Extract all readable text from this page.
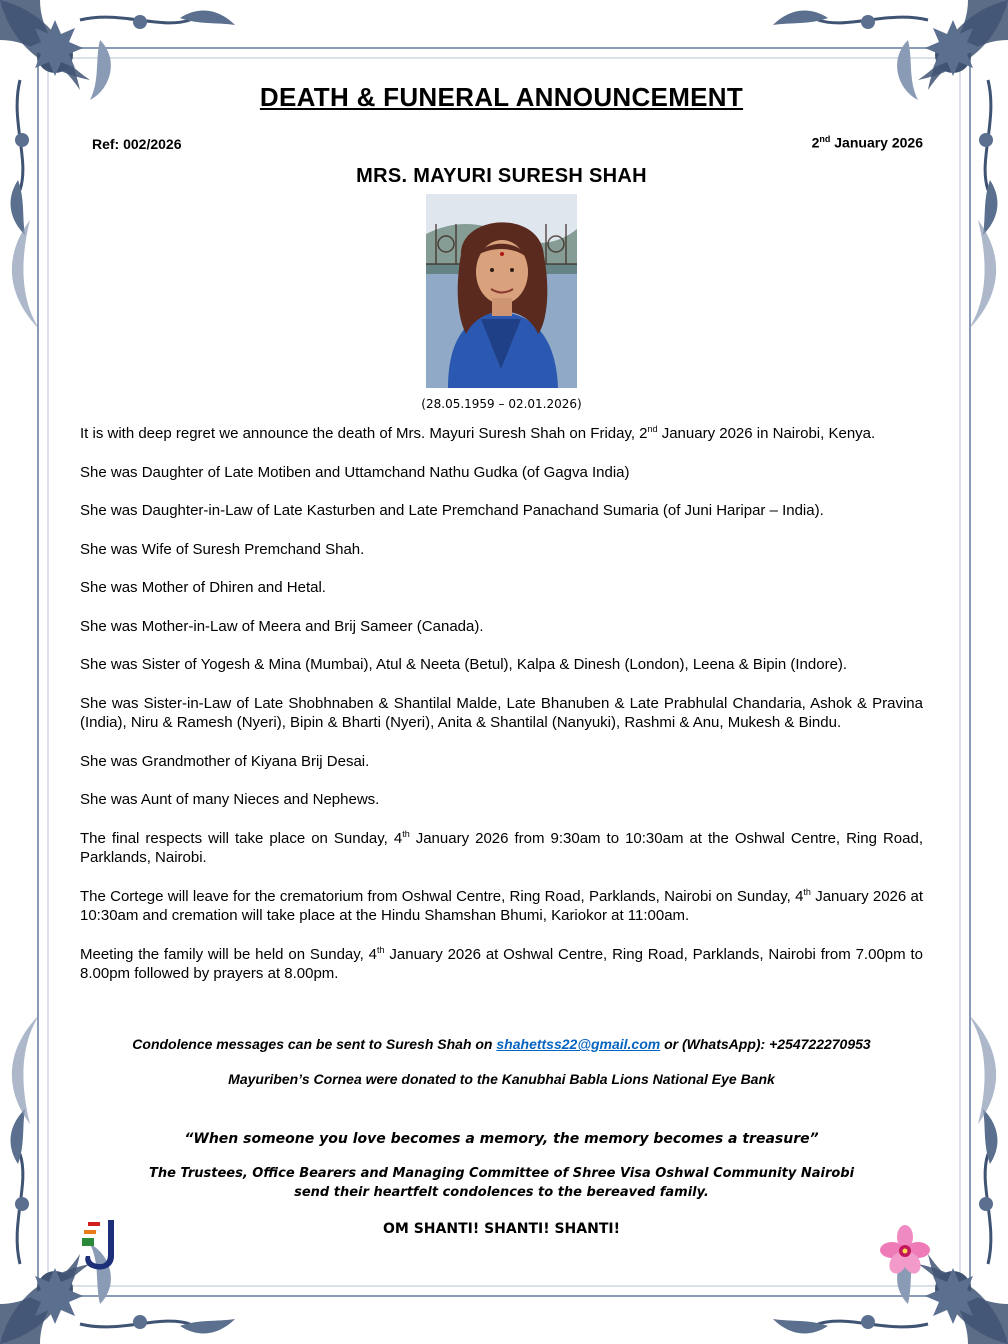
DEATH & FUNERAL ANNOUNCEMENT
Ref: 002/2026	2nd January 2026
MRS. MAYURI SURESH SHAH
(28.05.1959 – 02.01.2026)

It is with deep regret we announce the death of Mrs. Mayuri Suresh Shah on Friday, 2nd January 2026 in Nairobi, Kenya.

She was Daughter of Late Motiben and Uttamchand Nathu Gudka (of Gagva India)

She was Daughter-in-Law of Late Kasturben and Late Premchand Panachand Sumaria (of Juni Haripar – India).

She was Wife of Suresh Premchand Shah.

She was Mother of Dhiren and Hetal.

She was Mother-in-Law of Meera and Brij Sameer (Canada).

She was Sister of Yogesh & Mina (Mumbai), Atul & Neeta (Betul), Kalpa & Dinesh (London), Leena & Bipin (Indore).

She was Sister-in-Law of Late Shobhnaben & Shantilal Malde, Late Bhanuben & Late Prabhulal Chandaria, Ashok & Pravina (India), Niru & Ramesh (Nyeri), Bipin & Bharti (Nyeri), Anita & Shantilal (Nanyuki), Rashmi & Anu, Mukesh & Bindu.

She was Grandmother of Kiyana Brij Desai.

She was Aunt of many Nieces and Nephews.

The final respects will take place on Sunday, 4th January 2026 from 9:30am to 10:30am at the Oshwal Centre, Ring Road, Parklands, Nairobi.

The Cortege will leave for the crematorium from Oshwal Centre, Ring Road, Parklands, Nairobi on Sunday, 4th January 2026 at 10:30am and cremation will take place at the Hindu Shamshan Bhumi, Kariokor at 11:00am.

Meeting the family will be held on Sunday, 4th January 2026 at Oshwal Centre, Ring Road, Parklands, Nairobi from 7.00pm to 8.00pm followed by prayers at 8.00pm.

Condolence messages can be sent to Suresh Shah on shahettss22@gmail.com or (WhatsApp): +254722270953
Mayuriben’s Cornea were donated to the Kanubhai Babla Lions National Eye Bank
“When someone you love becomes a memory, the memory becomes a treasure”
The Trustees, Office Bearers and Managing Committee of Shree Visa Oshwal Community Nairobi
send their heartfelt condolences to the bereaved family.
OM SHANTI! SHANTI! SHANTI!
